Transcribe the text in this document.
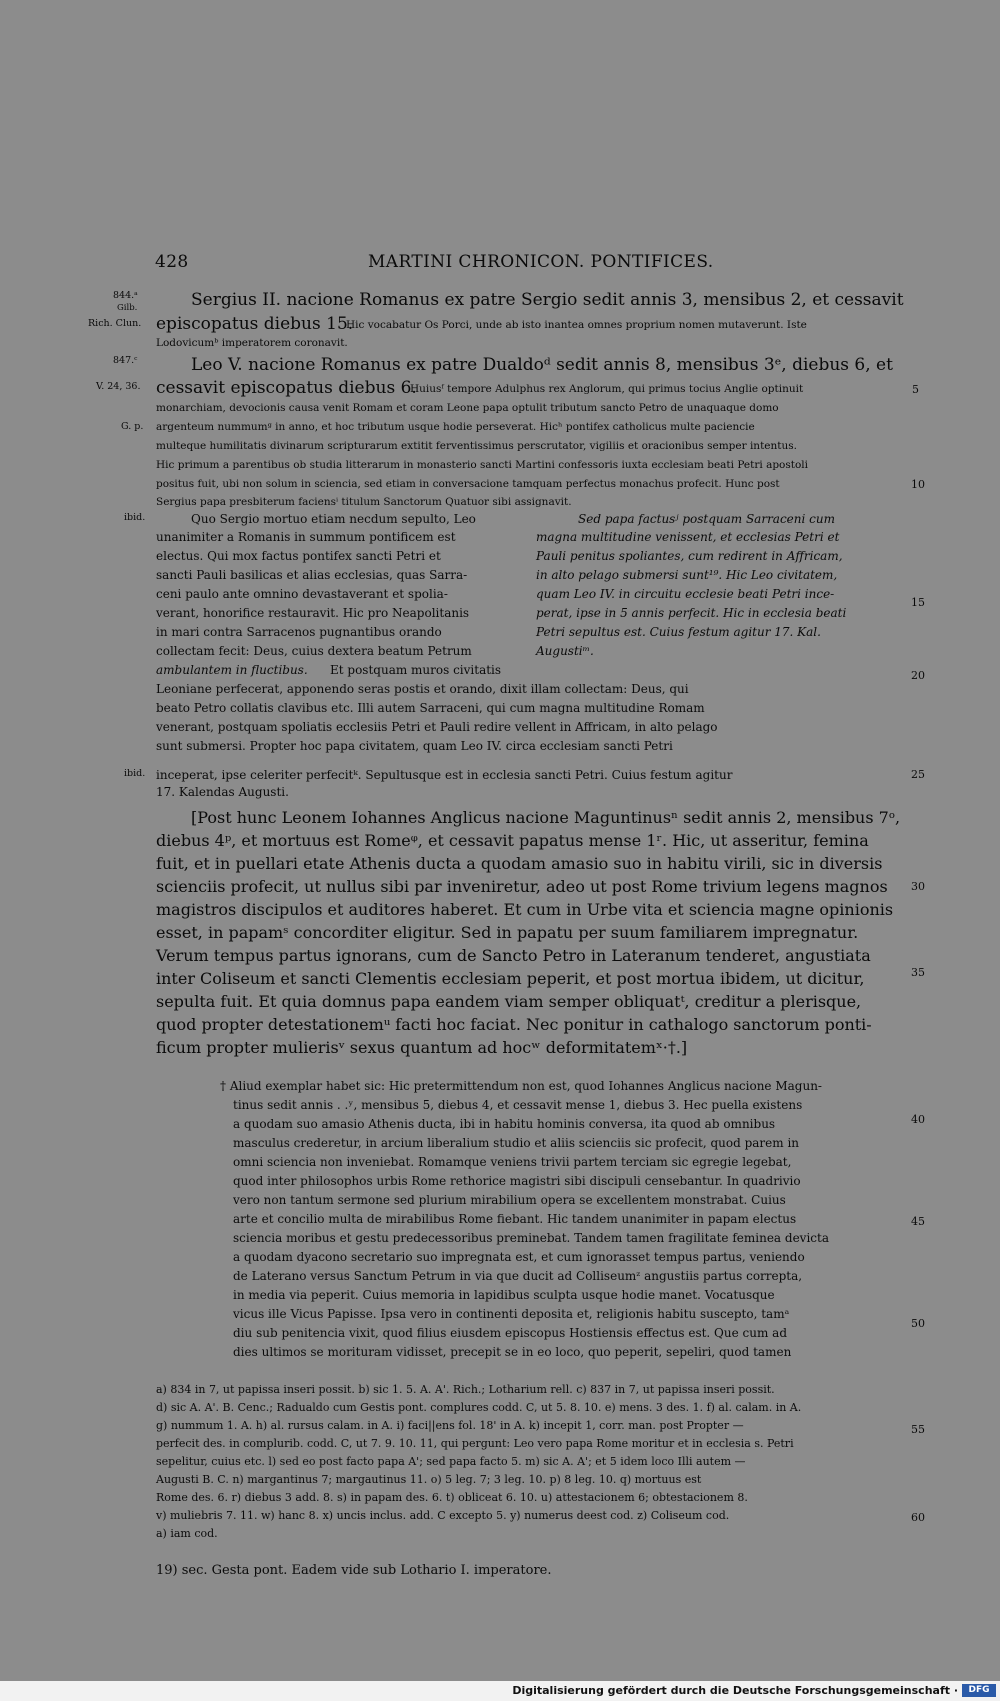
428	MARTINI CHRONICON. PONTIFICES.
844.ᵃ
Gilb.
Rich. Clun.
847.ᶜ
V. 24, 36.
G. p.
ibid.
ibid.
5
10
15
20
25
30
35
40
45
50
55
60
Sergius II. nacione Romanus ex patre Sergio sedit annis 3, mensibus 2, et cessavit
episcopatus diebus 15.
Hic vocabatur Os Porci, unde ab isto inantea omnes proprium nomen mutaverunt. Iste
Lodovicumᵇ imperatorem coronavit.
Leo V. nacione Romanus ex patre Dualdoᵈ sedit annis 8, mensibus 3ᵉ, diebus 6, et
cessavit episcopatus diebus 6.
Huiusᶠ tempore Adulphus rex Anglorum, qui primus tocius Anglie optinuit
monarchiam, devocionis causa venit Romam et coram Leone papa optulit tributum sancto Petro de unaquaque domo
argenteum nummumᵍ in anno, et hoc tributum usque hodie perseverat. Hicʰ pontifex catholicus multe paciencie
multeque humilitatis divinarum scripturarum extitit ferventissimus perscrutator, vigiliis et oracionibus semper intentus.
Hic primum a parentibus ob studia litterarum in monasterio sancti Martini confessoris iuxta ecclesiam beati Petri apostoli
positus fuit, ubi non solum in sciencia, sed etiam in conversacione tamquam perfectus monachus profecit. Hunc post
Sergius papa presbiterum faciensⁱ titulum Sanctorum Quatuor sibi assignavit.
Quo Sergio mortuo etiam necdum sepulto, Leo
unanimiter a Romanis in summum pontificem est
electus. Qui mox factus pontifex sancti Petri et
sancti Pauli basilicas et alias ecclesias, quas Sarra-
ceni paulo ante omnino devastaverant et spolia-
verant, honorifice restauravit. Hic pro Neapolitanis
in mari contra Sarracenos pugnantibus orando
collectam fecit: Deus, cuius dextera beatum Petrum
ambulantem in fluctibus.
Sed papa factusʲ postquam Sarraceni cum
magna multitudine venissent, et ecclesias Petri et
Pauli penitus spoliantes, cum redirent in Affricam,
in alto pelago submersi sunt¹⁹. Hic Leo civitatem,
quam Leo IV. in circuitu ecclesie beati Petri ince-
perat, ipse in 5 annis perfecit. Hic in ecclesia beati
Petri sepultus est. Cuius festum agitur 17. Kal.
Augustiᵐ.
Et postquam muros civitatis
Leoniane perfecerat, apponendo seras postis et orando, dixit illam collectam: Deus, qui
beato Petro collatis clavibus etc. Illi autem Sarraceni, qui cum magna multitudine Romam
venerant, postquam spoliatis ecclesiis Petri et Pauli redire vellent in Affricam, in alto pelago
sunt submersi. Propter hoc papa civitatem, quam Leo IV. circa ecclesiam sancti Petri
inceperat, ipse celeriter perfecitᵏ. Sepultusque est in ecclesia sancti Petri. Cuius festum agitur
17. Kalendas Augusti.
[Post hunc Leonem Iohannes Anglicus nacione Maguntinusⁿ sedit annis 2, mensibus 7ᵒ,
diebus 4ᵖ, et mortuus est Romeᵠ, et cessavit papatus mense 1ʳ. Hic, ut asseritur, femina
fuit, et in puellari etate Athenis ducta a quodam amasio suo in habitu virili, sic in diversis
scienciis profecit, ut nullus sibi par inveniretur, adeo ut post Rome trivium legens magnos
magistros discipulos et auditores haberet. Et cum in Urbe vita et sciencia magne opinionis
esset, in papamˢ concorditer eligitur. Sed in papatu per suum familiarem impregnatur.
Verum tempus partus ignorans, cum de Sancto Petro in Lateranum tenderet, angustiata
inter Coliseum et sancti Clementis ecclesiam peperit, et post mortua ibidem, ut dicitur,
sepulta fuit. Et quia domnus papa eandem viam semper obliquatᵗ, creditur a plerisque,
quod propter detestationemᵘ facti hoc faciat. Nec ponitur in cathalogo sanctorum ponti-
ficum propter mulierisᵛ sexus quantum ad hocʷ deformitatemˣ·†.]
† Aliud exemplar habet sic: Hic pretermittendum non est, quod Iohannes Anglicus nacione Magun-
tinus sedit annis . .ʸ, mensibus 5, diebus 4, et cessavit mense 1, diebus 3. Hec puella existens
a quodam suo amasio Athenis ducta, ibi in habitu hominis conversa, ita quod ab omnibus
masculus crederetur, in arcium liberalium studio et aliis scienciis sic profecit, quod parem in
omni sciencia non inveniebat. Romamque veniens trivii partem terciam sic egregie legebat,
quod inter philosophos urbis Rome rethorice magistri sibi discipuli censebantur. In quadrivio
vero non tantum sermone sed plurium mirabilium opera se excellentem monstrabat. Cuius
arte et concilio multa de mirabilibus Rome fiebant. Hic tandem unanimiter in papam electus
sciencia moribus et gestu predecessoribus preminebat. Tandem tamen fragilitate feminea devicta
a quodam dyacono secretario suo impregnata est, et cum ignorasset tempus partus, veniendo
de Laterano versus Sanctum Petrum in via que ducit ad Colliseumᶻ angustiis partus correpta,
in media via peperit. Cuius memoria in lapidibus sculpta usque hodie manet. Vocatusque
vicus ille Vicus Papisse. Ipsa vero in continenti deposita et, religionis habitu suscepto, tamᵃ
diu sub penitencia vixit, quod filius eiusdem episcopus Hostiensis effectus est. Que cum ad
dies ultimos se morituram vidisset, precepit se in eo loco, quo peperit, sepeliri, quod tamen
a) 834 in 7, ut papissa inseri possit. b) sic 1. 5. A. A'. Rich.; Lotharium rell. c) 837 in 7, ut papissa inseri possit.
d) sic A. A'. B. Cenc.; Radualdo cum Gestis pont. complures codd. C, ut 5. 8. 10. e) mens. 3 des. 1. f) al. calam. in A.
g) nummum 1. A. h) al. rursus calam. in A. i) faci||ens fol. 18' in A. k) incepit 1, corr. man. post Propter —
perfecit des. in complurib. codd. C, ut 7. 9. 10. 11, qui pergunt: Leo vero papa Rome moritur et in ecclesia s. Petri
sepelitur, cuius etc. l) sed eo post facto papa A'; sed papa facto 5. m) sic A. A'; et 5 idem loco Illi autem —
Augusti B. C. n) margantinus 7; margautinus 11. o) 5 leg. 7; 3 leg. 10. p) 8 leg. 10. q) mortuus est
Rome des. 6. r) diebus 3 add. 8. s) in papam des. 6. t) obliceat 6. 10. u) attestacionem 6; obtestacionem 8.
v) muliebris 7. 11. w) hanc 8. x) uncis inclus. add. C excepto 5. y) numerus deest cod. z) Coliseum cod.
a) iam cod.
19) sec. Gesta pont. Eadem vide sub Lothario I. imperatore.
Digitalisierung gefördert durch die Deutsche Forschungsgemeinschaft ·	DFG
